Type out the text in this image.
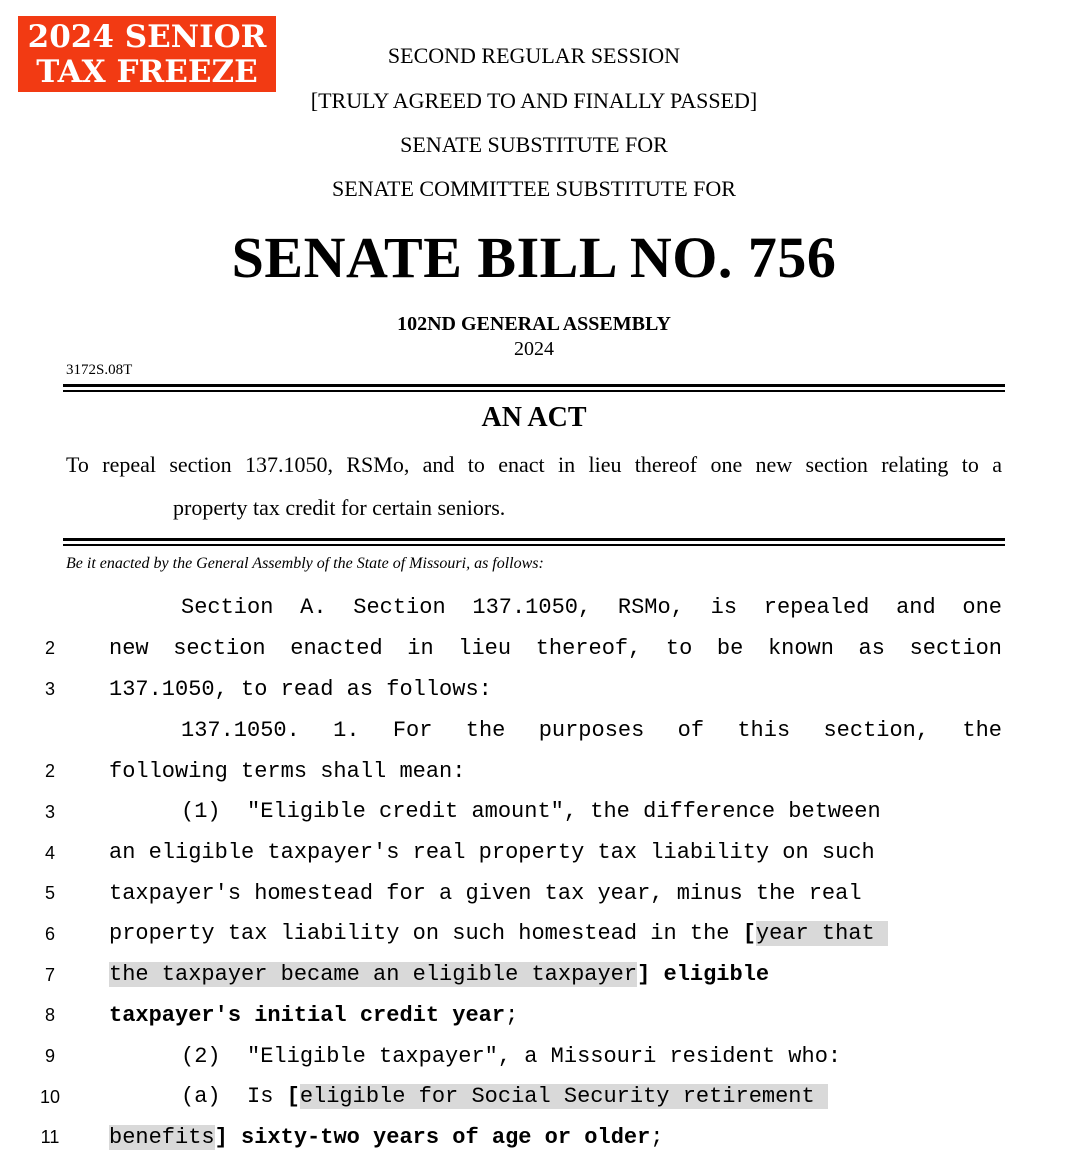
2024 SENIOR
TAX FREEZE	SECOND REGULAR SESSION
[TRULY AGREED TO AND FINALLY PASSED]
SENATE SUBSTITUTE FOR
SENATE COMMITTEE SUBSTITUTE FOR
SENATE BILL NO. 756
102ND GENERAL ASSEMBLY
2024
3172S.08T
AN ACT
To repeal section 137.1050, RSMo, and to enact in lieu thereof one new section relating to a
property tax credit for certain seniors.
Be it enacted by the General Assembly of the State of Missouri, as follows:
Section A. Section 137.1050, RSMo, is repealed and one
2	new section enacted in lieu thereof, to be known as section
3	137.1050, to read as follows:
137.1050. 1. For the purposes of this section, the
2	following terms shall mean:
3	(1)  "Eligible credit amount", the difference between
4	an eligible taxpayer's real property tax liability on such
5	taxpayer's homestead for a given tax year, minus the real
6	property tax liability on such homestead in the [year that
7	the taxpayer became an eligible taxpayer] eligible
8	taxpayer's initial credit year;
9	(2)  "Eligible taxpayer", a Missouri resident who:
10	(a)  Is [eligible for Social Security retirement
11	benefits] sixty-two years of age or older;
